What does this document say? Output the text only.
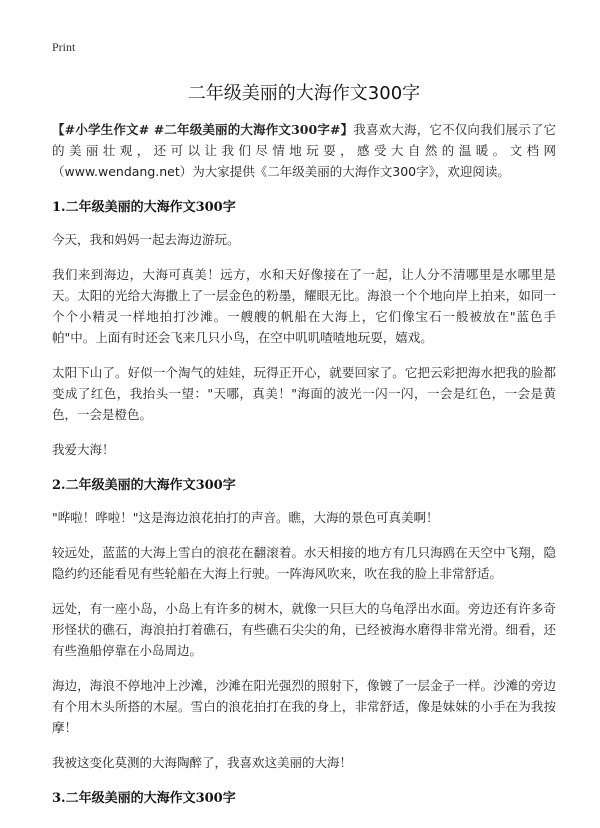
Print
二年级美丽的大海作文300字

【#小学生作文# #二年级美丽的大海作文300字#】我喜欢大海，它不仅向我们展示了它的美丽壮观，还可以让我们尽情地玩耍，感受大自然的温暖。文档网（www.wendang.net）为大家提供《二年级美丽的大海作文300字》，欢迎阅读。

1.二年级美丽的大海作文300字

今天，我和妈妈一起去海边游玩。

我们来到海边，大海可真美！远方，水和天好像接在了一起，让人分不清哪里是水哪里是天。太阳的光给大海撒上了一层金色的粉墨，耀眼无比。海浪一个个地向岸上拍来，如同一个个小精灵一样地拍打沙滩。一艘艘的帆船在大海上，它们像宝石一般被放在"蓝色手帕"中。上面有时还会飞来几只小鸟，在空中叽叽喳喳地玩耍，嬉戏。

太阳下山了。好似一个淘气的娃娃，玩得正开心，就要回家了。它把云彩把海水把我的脸都变成了红色，我抬头一望："天哪，真美！"海面的波光一闪一闪，一会是红色，一会是黄色，一会是橙色。

我爱大海！

2.二年级美丽的大海作文300字

"哗啦！哗啦！"这是海边浪花拍打的声音。瞧，大海的景色可真美啊！

较远处，蓝蓝的大海上雪白的浪花在翻滚着。水天相接的地方有几只海鸥在天空中飞翔，隐隐约约还能看见有些轮船在大海上行驶。一阵海风吹来，吹在我的脸上非常舒适。

远处，有一座小岛，小岛上有许多的树木，就像一只巨大的乌龟浮出水面。旁边还有许多奇形怪状的礁石，海浪拍打着礁石，有些礁石尖尖的角，已经被海水磨得非常光滑。细看，还有些渔船停靠在小岛周边。

海边，海浪不停地冲上沙滩，沙滩在阳光强烈的照射下，像镀了一层金子一样。沙滩的旁边有个用木头所搭的木屋。雪白的浪花拍打在我的身上，非常舒适，像是妹妹的小手在为我按摩！

我被这变化莫测的大海陶醉了，我喜欢这美丽的大海！

3.二年级美丽的大海作文300字
